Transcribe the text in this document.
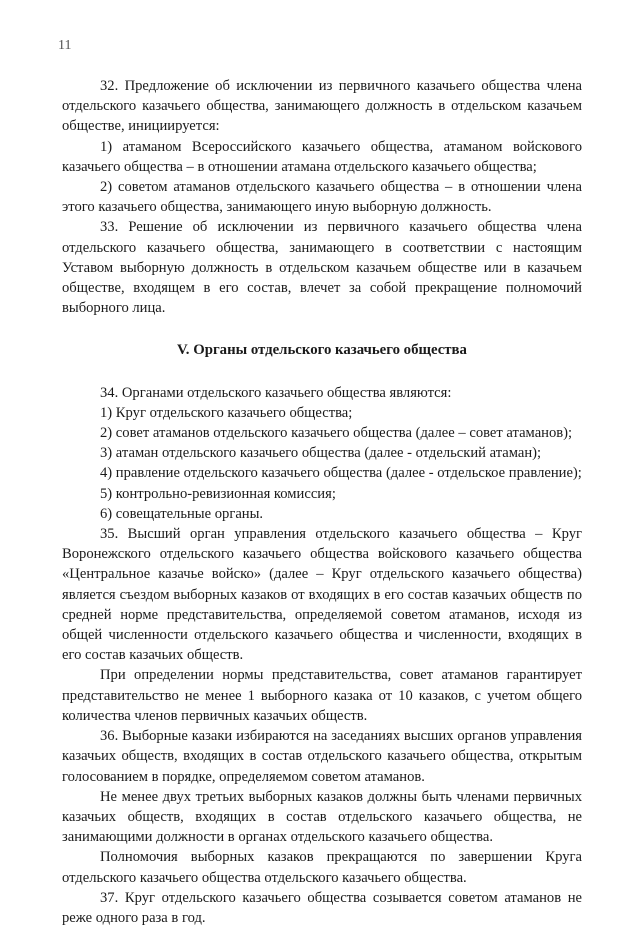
11

32. Предложение об исключении из первичного казачьего общества члена отдельского казачьего общества, занимающего должность в отдельском казачьем обществе, инициируется:

1) атаманом Всероссийского казачьего общества, атаманом войскового казачьего общества – в отношении атамана отдельского казачьего общества;

2) советом атаманов отдельского казачьего общества – в отношении члена этого казачьего общества, занимающего иную выборную должность.

33. Решение об исключении из первичного казачьего общества члена отдельского казачьего общества, занимающего в соответствии с настоящим Уставом выборную должность в отдельском казачьем обществе или в казачьем обществе, входящем в его состав, влечет за собой прекращение полномочий выборного лица.

V. Органы отдельского казачьего общества

34. Органами отдельского казачьего общества являются:

1) Круг отдельского казачьего общества;

2) совет атаманов отдельского казачьего общества (далее – совет атаманов);

3) атаман отдельского казачьего общества (далее - отдельский атаман);

4) правление отдельского казачьего общества (далее - отдельское правление);

5) контрольно-ревизионная комиссия;

6) совещательные органы.

35. Высший орган управления отдельского казачьего общества – Круг Воронежского отдельского казачьего общества войскового казачьего общества «Центральное казачье войско» (далее – Круг отдельского казачьего общества) является съездом выборных казаков от входящих в его состав казачьих обществ по средней норме представительства, определяемой советом атаманов, исходя из общей численности отдельского казачьего общества и численности, входящих в его состав казачьих обществ.

При определении нормы представительства, совет атаманов гарантирует представительство не менее 1 выборного казака от 10 казаков, с учетом общего количества членов первичных казачьих обществ.

36. Выборные казаки избираются на заседаниях высших органов управления казачьих обществ, входящих в состав отдельского казачьего общества, открытым голосованием в порядке, определяемом советом атаманов.

Не менее двух третьих выборных казаков должны быть членами первичных казачьих обществ, входящих в состав отдельского казачьего общества, не занимающими должности в органах отдельского казачьего общества.

Полномочия выборных казаков прекращаются по завершении Круга отдельского казачьего общества отдельского казачьего общества.

37. Круг отдельского казачьего общества созывается советом атаманов не реже одного раза в год.
